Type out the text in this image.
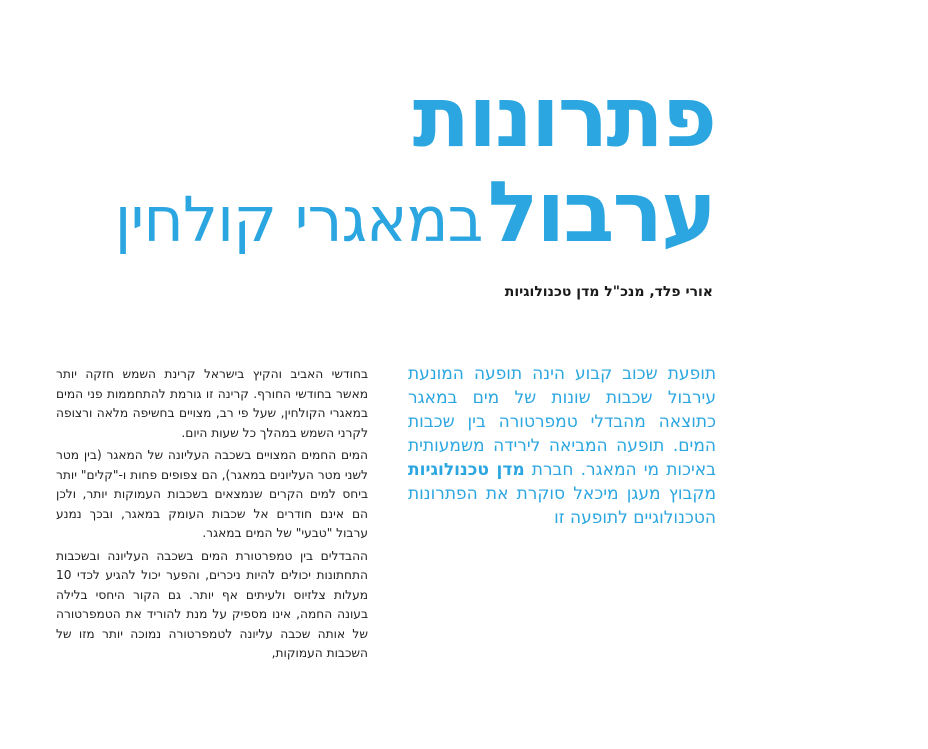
פתרונות
ערבול במאגרי קולחין
אורי פלד, מנכ"ל מדן טכנולוגיות
תופעת שכוב קבוע הינה תופעה המונעת עירבול שכבות שונות של מים במאגר כתוצאה מהבדלי טמפרטורה בין שכבות המים. תופעה המביאה לירידה משמעותית באיכות מי המאגר. חברת מדן טכנולוגיות מקבוץ מעגן מיכאל סוקרת את הפתרונות הטכנולוגיים לתופעה זו

בחודשי האביב והקיץ בישראל קרינת השמש חזקה יותר מאשר בחודשי החורף. קרינה זו גורמת להתחממות פני המים במאגרי הקולחין, שעל פי רב, מצויים בחשיפה מלאה ורצופה לקרני השמש במהלך כל שעות היום.

המים החמים המצויים בשכבה העליונה של המאגר (בין מטר לשני מטר העליונים במאגר), הם צפופים פחות ו-"קלים" יותר ביחס למים הקרים שנמצאים בשכבות העמוקות יותר, ולכן הם אינם חודרים אל שכבות העומק במאגר, ובכך נמנע ערבול "טבעי" של המים במאגר.

ההבדלים בין טמפרטורת המים בשכבה העליונה ובשכבות התחתונות יכולים להיות ניכרים, והפער יכול להגיע לכדי 10 מעלות צלזיוס ולעיתים אף יותר. גם הקור היחסי בלילה בעונה החמה, אינו מספיק על מנת להוריד את הטמפרטורה של אותה שכבה עליונה לטמפרטורה נמוכה יותר מזו של השכבות העמוקות,
